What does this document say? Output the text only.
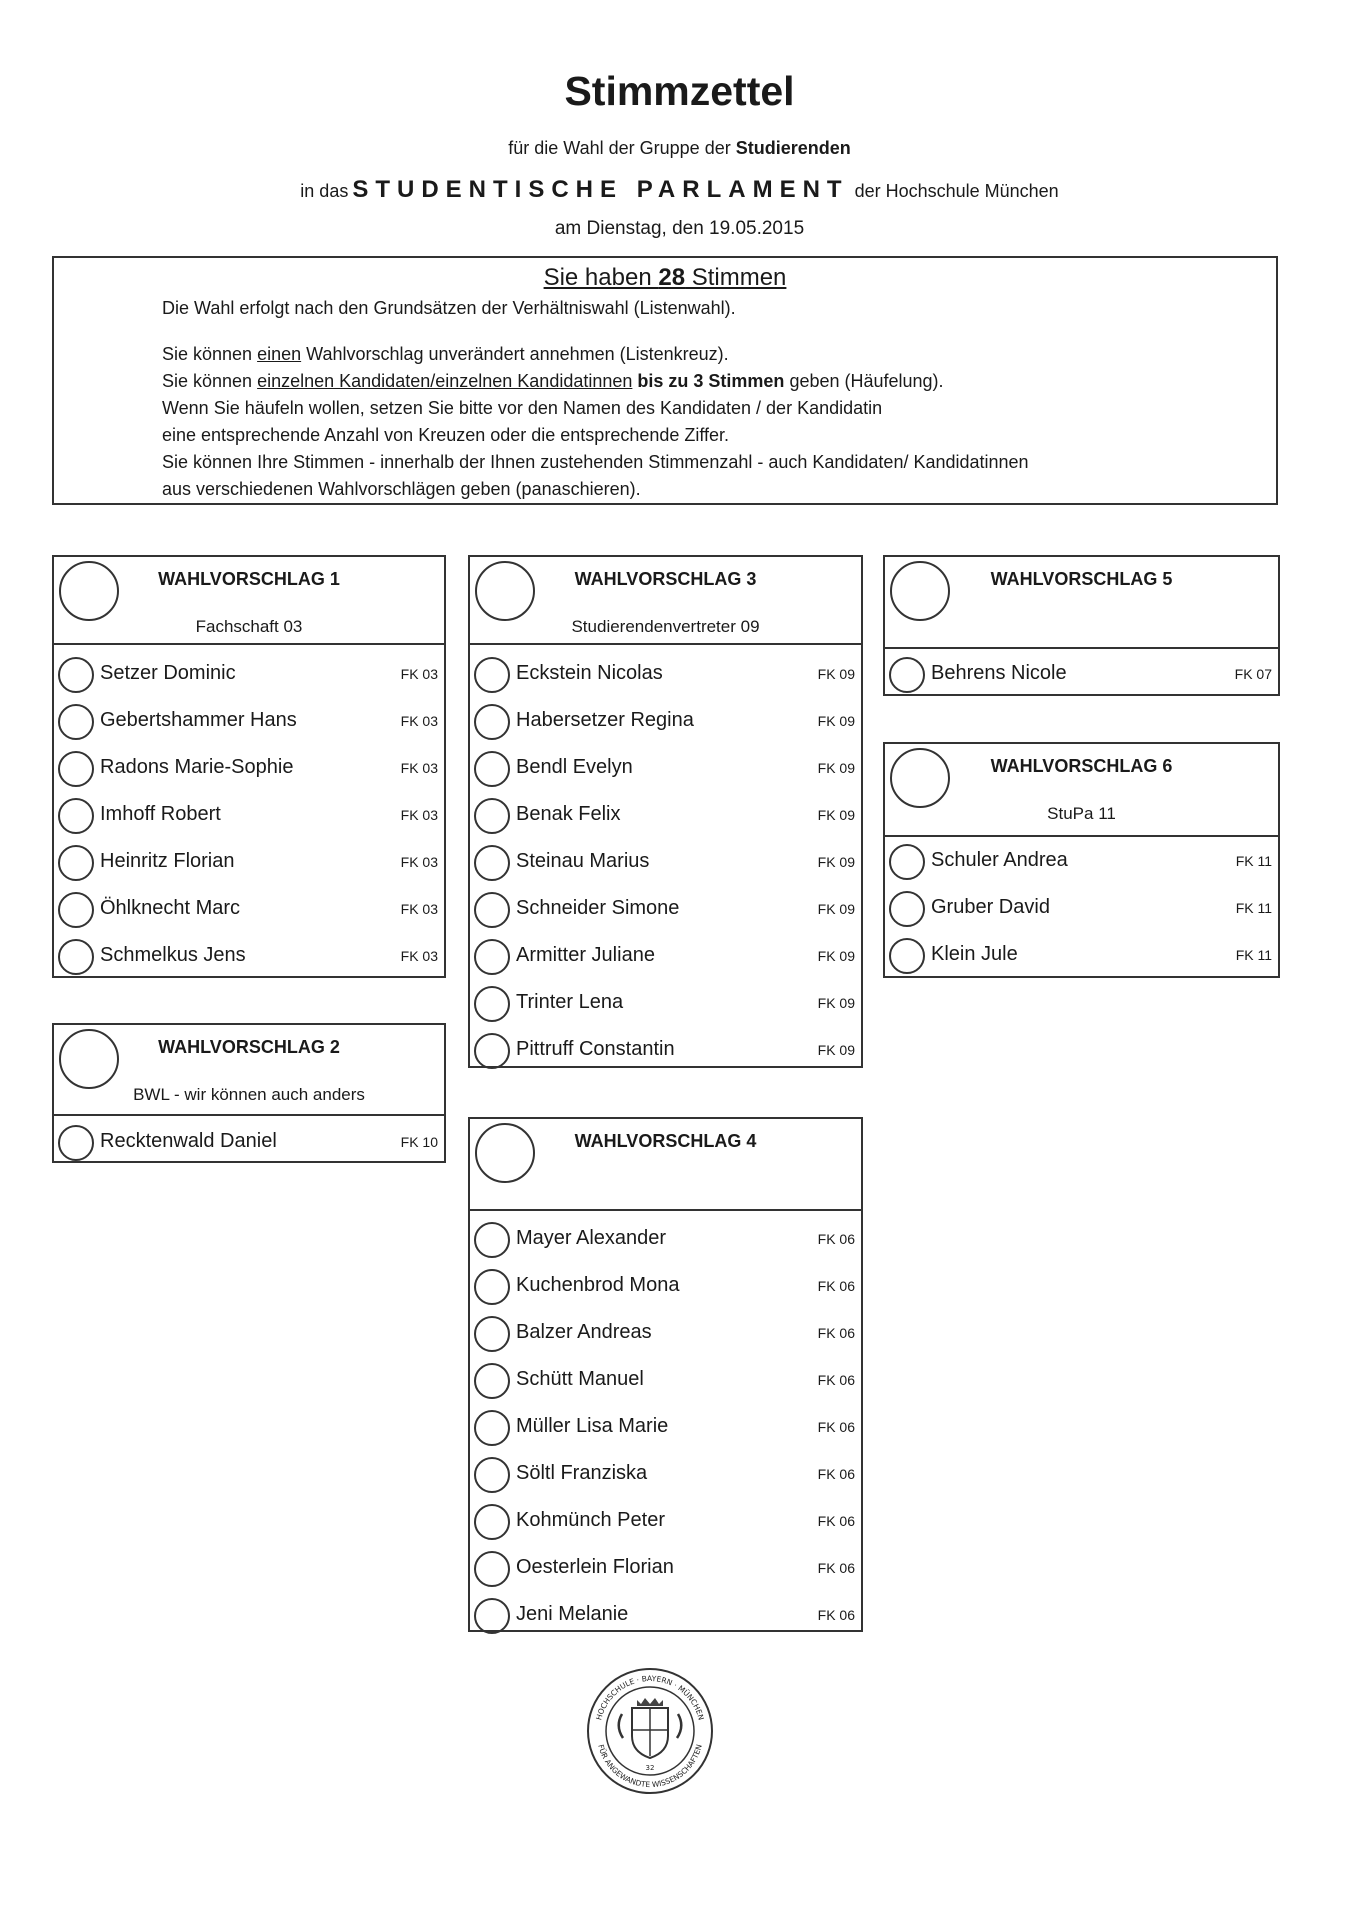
Stimmzettel
für die Wahl der Gruppe der Studierenden
in das STUDENTISCHE PARLAMENT der Hochschule München
am Dienstag, den 19.05.2015
Sie haben 28 Stimmen
Die Wahl erfolgt nach den Grundsätzen der Verhältniswahl (Listenwahl).
Sie können einen Wahlvorschlag unverändert annehmen (Listenkreuz).
Sie können einzelnen Kandidaten/einzelnen Kandidatinnen bis zu 3 Stimmen geben (Häufelung).
Wenn Sie häufeln wollen, setzen Sie bitte vor den Namen des Kandidaten / der Kandidatin
eine entsprechende Anzahl von Kreuzen oder die entsprechende Ziffer.
Sie können Ihre Stimmen - innerhalb der Ihnen zustehenden Stimmenzahl - auch Kandidaten/ Kandidatinnen
aus verschiedenen Wahlvorschlägen geben (panaschieren).
WAHLVORSCHLAG 1
Fachschaft 03
Setzer Dominic	FK 03
Gebertshammer Hans	FK 03
Radons Marie-Sophie	FK 03
Imhoff Robert	FK 03
Heinritz Florian	FK 03
Öhlknecht Marc	FK 03
Schmelkus Jens	FK 03
WAHLVORSCHLAG 2
BWL - wir können auch anders
Recktenwald Daniel	FK 10
WAHLVORSCHLAG 3
Studierendenvertreter 09
Eckstein Nicolas	FK 09
Habersetzer Regina	FK 09
Bendl Evelyn	FK 09
Benak Felix	FK 09
Steinau Marius	FK 09
Schneider Simone	FK 09
Armitter Juliane	FK 09
Trinter Lena	FK 09
Pittruff Constantin	FK 09
WAHLVORSCHLAG 4
Mayer Alexander	FK 06
Kuchenbrod Mona	FK 06
Balzer Andreas	FK 06
Schütt Manuel	FK 06
Müller Lisa Marie	FK 06
Söltl Franziska	FK 06
Kohmünch Peter	FK 06
Oesterlein Florian	FK 06
Jeni Melanie	FK 06
WAHLVORSCHLAG 5
Behrens Nicole	FK 07
WAHLVORSCHLAG 6
StuPa 11
Schuler Andrea	FK 11
Gruber David	FK 11
Klein Jule	FK 11
HOCHSCHULE · BAYERN · MÜNCHEN
FÜR ANGEWANDTE WISSENSCHAFTEN
32
